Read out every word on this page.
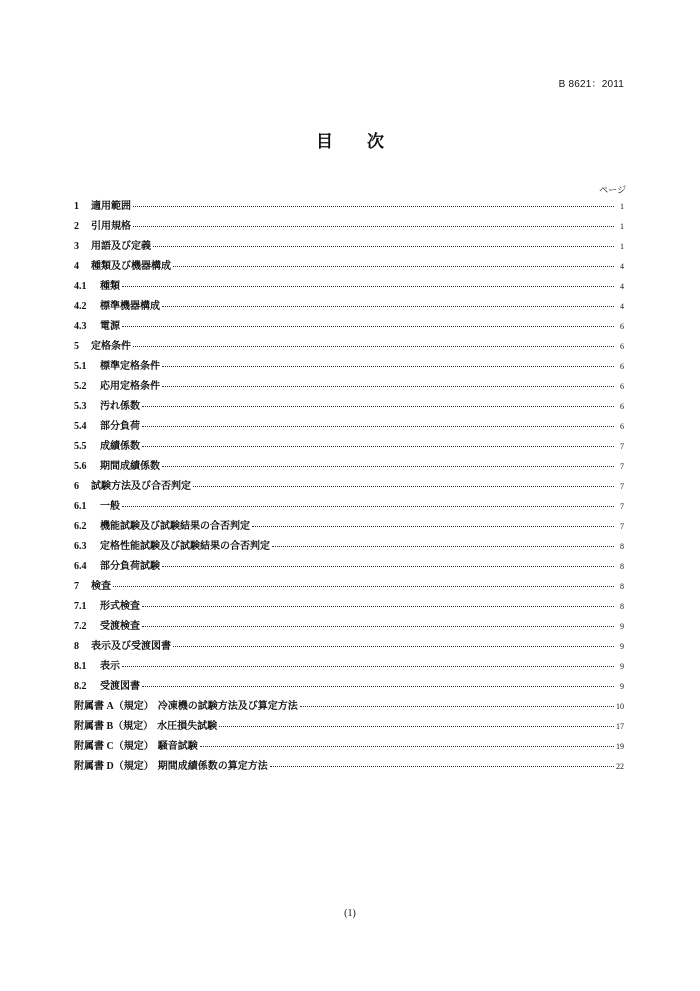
B 8621：2011
目 次
ページ
1	適用範囲	1
2	引用規格	1
3	用語及び定義	1
4	種類及び機器構成	4
4.1	種類	4
4.2	標準機器構成	4
4.3	電源	6
5	定格条件	6
5.1	標準定格条件	6
5.2	応用定格条件	6
5.3	汚れ係数	6
5.4	部分負荷	6
5.5	成績係数	7
5.6	期間成績係数	7
6	試験方法及び合否判定	7
6.1	一般	7
6.2	機能試験及び試験結果の合否判定	7
6.3	定格性能試験及び試験結果の合否判定	8
6.4	部分負荷試験	8
7	検査	8
7.1	形式検査	8
7.2	受渡検査	9
8	表示及び受渡図書	9
8.1	表示	9
8.2	受渡図書	9
附属書 A（規定） 冷凍機の試験方法及び算定方法	10
附属書 B（規定） 水圧損失試験	17
附属書 C（規定） 騒音試験	19
附属書 D（規定） 期間成績係数の算定方法	22
(1)
